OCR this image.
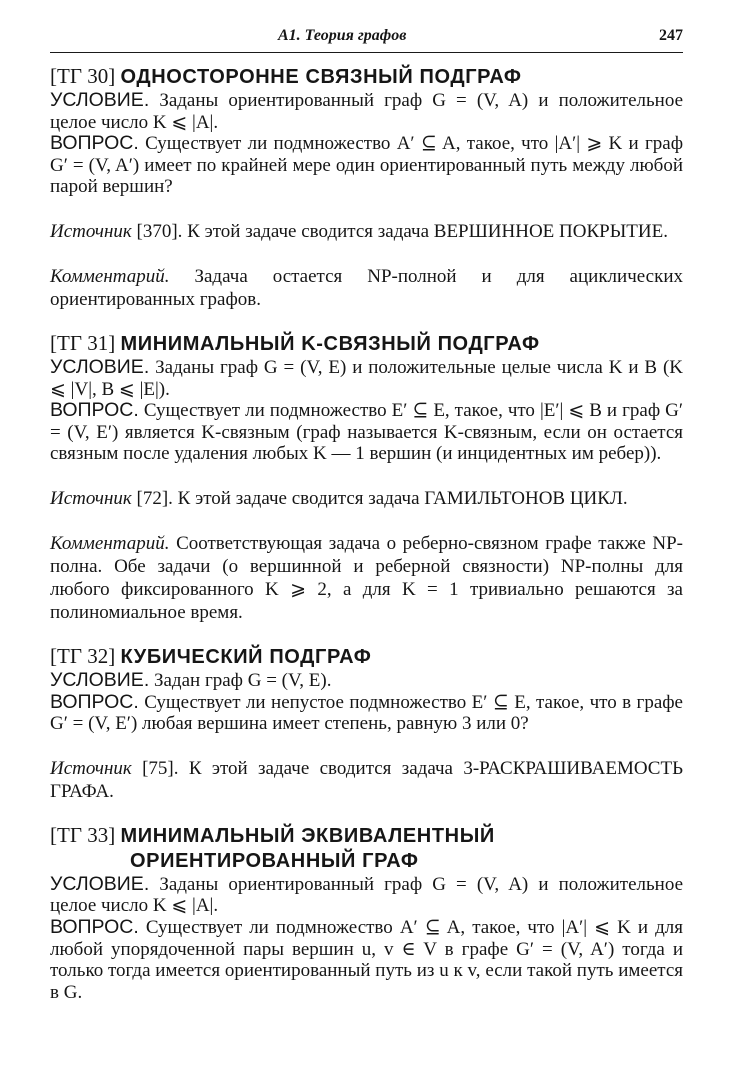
А1. Теория графов	247

[ТГ 30] ОДНОСТОРОННЕ СВЯЗНЫЙ ПОДГРАФ

УСЛОВИЕ. Заданы ориентированный граф G = (V, A) и положительное целое число K ⩽ |A|.

ВОПРОС. Существует ли подмножество A′ ⊆ A, такое, что |A′| ⩾ K и граф G′ = (V, A′) имеет по крайней мере один ориентированный путь между любой парой вершин?

Источник [370]. К этой задаче сводится задача ВЕРШИННОЕ ПОКРЫТИЕ.

Комментарий. Задача остается NP-полной и для ациклических ориентированных графов.

[ТГ 31] МИНИМАЛЬНЫЙ K-СВЯЗНЫЙ ПОДГРАФ

УСЛОВИЕ. Заданы граф G = (V, E) и положительные целые числа K и B (K ⩽ |V|, B ⩽ |E|).

ВОПРОС. Существует ли подмножество E′ ⊆ E, такое, что |E′| ⩽ B и граф G′ = (V, E′) является K-связным (граф называется K-связным, если он остается связным после удаления любых K — 1 вершин (и инцидентных им ребер)).

Источник [72]. К этой задаче сводится задача ГАМИЛЬТОНОВ ЦИКЛ.

Комментарий. Соответствующая задача о реберно-связном графе также NP-полна. Обе задачи (о вершинной и реберной связности) NP-полны для любого фиксированного K ⩾ 2, а для K = 1 тривиально решаются за полиномиальное время.

[ТГ 32] КУБИЧЕСКИЙ ПОДГРАФ

УСЛОВИЕ. Задан граф G = (V, E).

ВОПРОС. Существует ли непустое подмножество E′ ⊆ E, такое, что в графе G′ = (V, E′) любая вершина имеет степень, равную 3 или 0?

Источник [75]. К этой задаче сводится задача 3-РАСКРАШИВАЕМОСТЬ ГРАФА.

[ТГ 33] МИНИМАЛЬНЫЙ ЭКВИВАЛЕНТНЫЙ
ОРИЕНТИРОВАННЫЙ ГРАФ

УСЛОВИЕ. Заданы ориентированный граф G = (V, A) и положительное целое число K ⩽ |A|.

ВОПРОС. Существует ли подмножество A′ ⊆ A, такое, что |A′| ⩽ K и для любой упорядоченной пары вершин u, v ∈ V в графе G′ = (V, A′) тогда и только тогда имеется ориентированный путь из u к v, если такой путь имеется в G.
